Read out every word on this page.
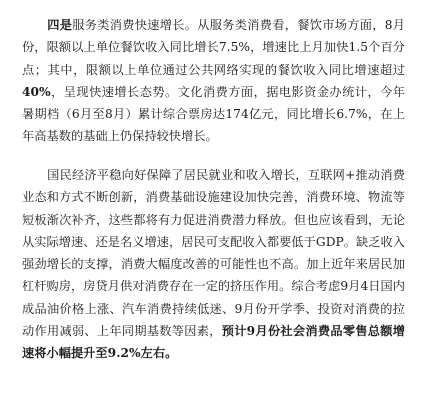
四是服务类消费快速增长。从服务类消费看，餐饮市场方面，8月份，限额以上单位餐饮收入同比增长7.5%，增速比上月加快1.5个百分点；其中，限额以上单位通过公共网络实现的餐饮收入同比增速超过40%，呈现快速增长态势。文化消费方面，据电影资金办统计，今年暑期档（6月至8月）累计综合票房达174亿元，同比增长6.7%，在上年高基数的基础上仍保持较快增长。

国民经济平稳向好保障了居民就业和收入增长，互联网+推动消费业态和方式不断创新，消费基础设施建设加快完善，消费环境、物流等短板渐次补齐，这些都将有力促进消费潜力释放。但也应该看到，无论从实际增速、还是名义增速，居民可支配收入都要低于GDP。缺乏收入强劲增长的支撑，消费大幅度改善的可能性也不高。加上近年来居民加杠杆购房，房贷月供对消费存在一定的挤压作用。综合考虑9月4日国内成品油价格上涨、汽车消费持续低迷、9月份开学季、投资对消费的拉动作用减弱、上年同期基数等因素，预计9月份社会消费品零售总额增速将小幅提升至9.2%左右。
